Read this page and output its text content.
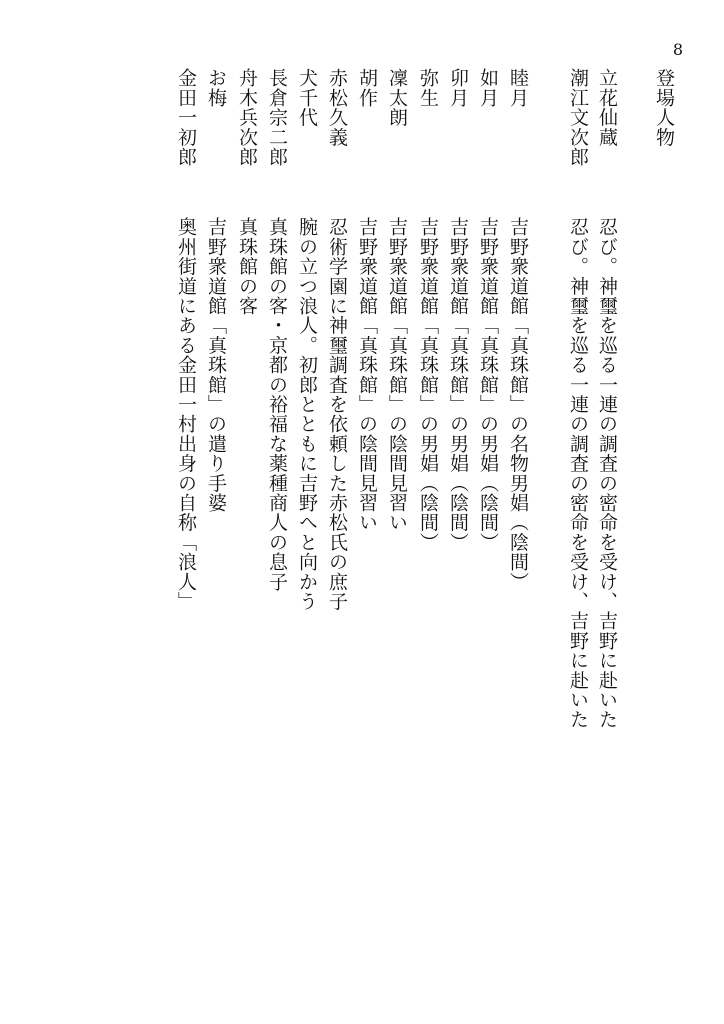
8
登場人物
立花仙蔵
忍び。神璽を巡る一連の調査の密命を受け、吉野に赴いた
潮江文次郎
忍び。神璽を巡る一連の調査の密命を受け、吉野に赴いた
睦月
吉野衆道館「真珠館」の名物男娼（陰間）
如月
吉野衆道館「真珠館」の男娼（陰間）
卯月
吉野衆道館「真珠館」の男娼（陰間）
弥生
吉野衆道館「真珠館」の男娼（陰間）
凜太朗
吉野衆道館「真珠館」の陰間見習い
胡作
吉野衆道館「真珠館」の陰間見習い
赤松久義
忍術学園に神璽調査を依頼した赤松氏の庶子
犬千代
腕の立つ浪人。初郎とともに吉野へと向かう
長倉宗二郎
真珠館の客・京都の裕福な薬種商人の息子
舟木兵次郎
真珠館の客
お梅
吉野衆道館「真珠館」の遣り手婆
金田一初郎
奥州街道にある金田一村出身の自称「浪人」
